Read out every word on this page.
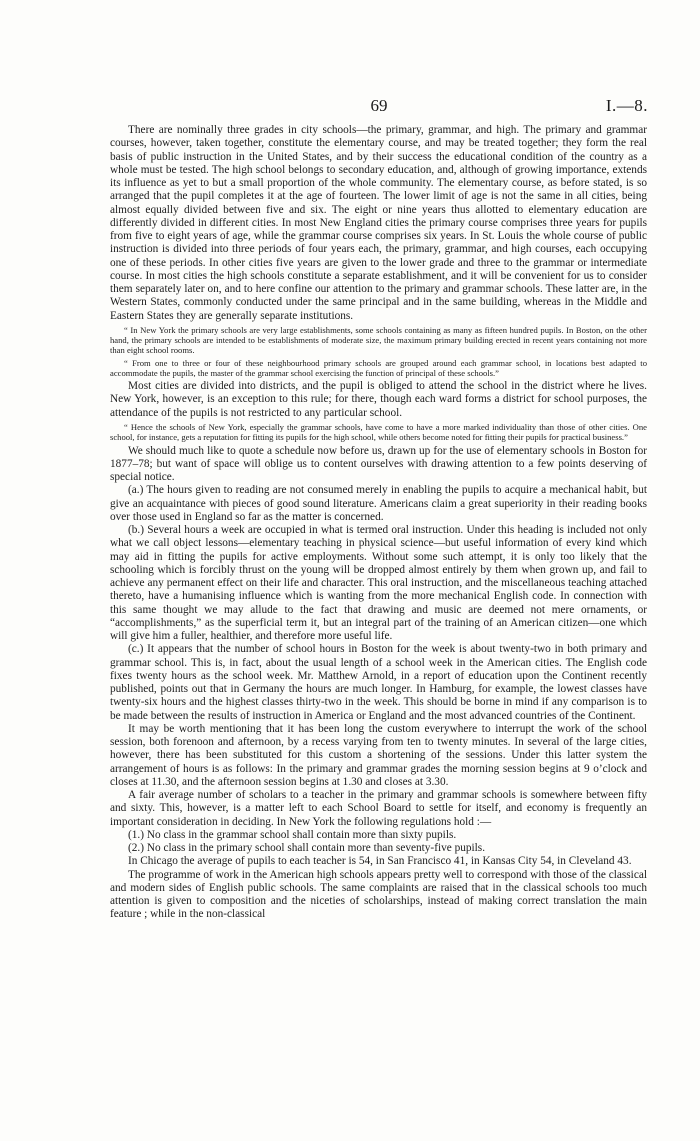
69	I.—8.

There are nominally three grades in city schools—the primary, grammar, and high. The primary and grammar courses, however, taken together, constitute the elementary course, and may be treated together; they form the real basis of public instruction in the United States, and by their success the educational condition of the country as a whole must be tested. The high school belongs to secondary education, and, although of growing importance, extends its influence as yet to but a small proportion of the whole community. The elementary course, as before stated, is so arranged that the pupil completes it at the age of fourteen. The lower limit of age is not the same in all cities, being almost equally divided between five and six. The eight or nine years thus allotted to elementary education are differently divided in different cities. In most New England cities the primary course comprises three years for pupils from five to eight years of age, while the grammar course comprises six years. In St. Louis the whole course of public instruction is divided into three periods of four years each, the primary, grammar, and high courses, each occupying one of these periods. In other cities five years are given to the lower grade and three to the grammar or intermediate course. In most cities the high schools constitute a separate establishment, and it will be convenient for us to consider them separately later on, and to here confine our attention to the primary and grammar schools. These latter are, in the Western States, commonly conducted under the same principal and in the same building, whereas in the Middle and Eastern States they are generally separate institutions.

“ In New York the primary schools are very large establishments, some schools containing as many as fifteen hundred pupils. In Boston, on the other hand, the primary schools are intended to be establishments of moderate size, the maximum primary building erected in recent years containing not more than eight school rooms.

“ From one to three or four of these neighbourhood primary schools are grouped around each grammar school, in locations best adapted to accommodate the pupils, the master of the grammar school exercising the function of principal of these schools.”

Most cities are divided into districts, and the pupil is obliged to attend the school in the district where he lives. New York, however, is an exception to this rule; for there, though each ward forms a district for school purposes, the attendance of the pupils is not restricted to any particular school.

“ Hence the schools of New York, especially the grammar schools, have come to have a more marked individuality than those of other cities. One school, for instance, gets a reputation for fitting its pupils for the high school, while others become noted for fitting their pupils for practical business.”

We should much like to quote a schedule now before us, drawn up for the use of elementary schools in Boston for 1877–78; but want of space will oblige us to content ourselves with drawing attention to a few points deserving of special notice.

(a.) The hours given to reading are not consumed merely in enabling the pupils to acquire a mechanical habit, but give an acquaintance with pieces of good sound literature. Americans claim a great superiority in their reading books over those used in England so far as the matter is concerned.

(b.) Several hours a week are occupied in what is termed oral instruction. Under this heading is included not only what we call object lessons—elementary teaching in physical science—but useful information of every kind which may aid in fitting the pupils for active employments. Without some such attempt, it is only too likely that the schooling which is forcibly thrust on the young will be dropped almost entirely by them when grown up, and fail to achieve any permanent effect on their life and character. This oral instruction, and the miscellaneous teaching attached thereto, have a humanising influence which is wanting from the more mechanical English code. In connection with this same thought we may allude to the fact that drawing and music are deemed not mere ornaments, or “accomplishments,” as the superficial term it, but an integral part of the training of an American citizen—one which will give him a fuller, healthier, and therefore more useful life.

(c.) It appears that the number of school hours in Boston for the week is about twenty-two in both primary and grammar school. This is, in fact, about the usual length of a school week in the American cities. The English code fixes twenty hours as the school week. Mr. Matthew Arnold, in a report of education upon the Continent recently published, points out that in Germany the hours are much longer. In Hamburg, for example, the lowest classes have twenty-six hours and the highest classes thirty-two in the week. This should be borne in mind if any comparison is to be made between the results of instruction in America or England and the most advanced countries of the Continent.

It may be worth mentioning that it has been long the custom everywhere to interrupt the work of the school session, both forenoon and afternoon, by a recess varying from ten to twenty minutes. In several of the large cities, however, there has been substituted for this custom a shortening of the sessions. Under this latter system the arrangement of hours is as follows: In the primary and grammar grades the morning session begins at 9 o’clock and closes at 11.30, and the afternoon session begins at 1.30 and closes at 3.30.

A fair average number of scholars to a teacher in the primary and grammar schools is somewhere between fifty and sixty. This, however, is a matter left to each School Board to settle for itself, and economy is frequently an important consideration in deciding. In New York the following regulations hold :—

(1.) No class in the grammar school shall contain more than sixty pupils.

(2.) No class in the primary school shall contain more than seventy-five pupils.

In Chicago the average of pupils to each teacher is 54, in San Francisco 41, in Kansas City 54, in Cleveland 43.

The programme of work in the American high schools appears pretty well to correspond with those of the classical and modern sides of English public schools. The same complaints are raised that in the classical schools too much attention is given to composition and the niceties of scholarships, instead of making correct translation the main feature ; while in the non-classical
